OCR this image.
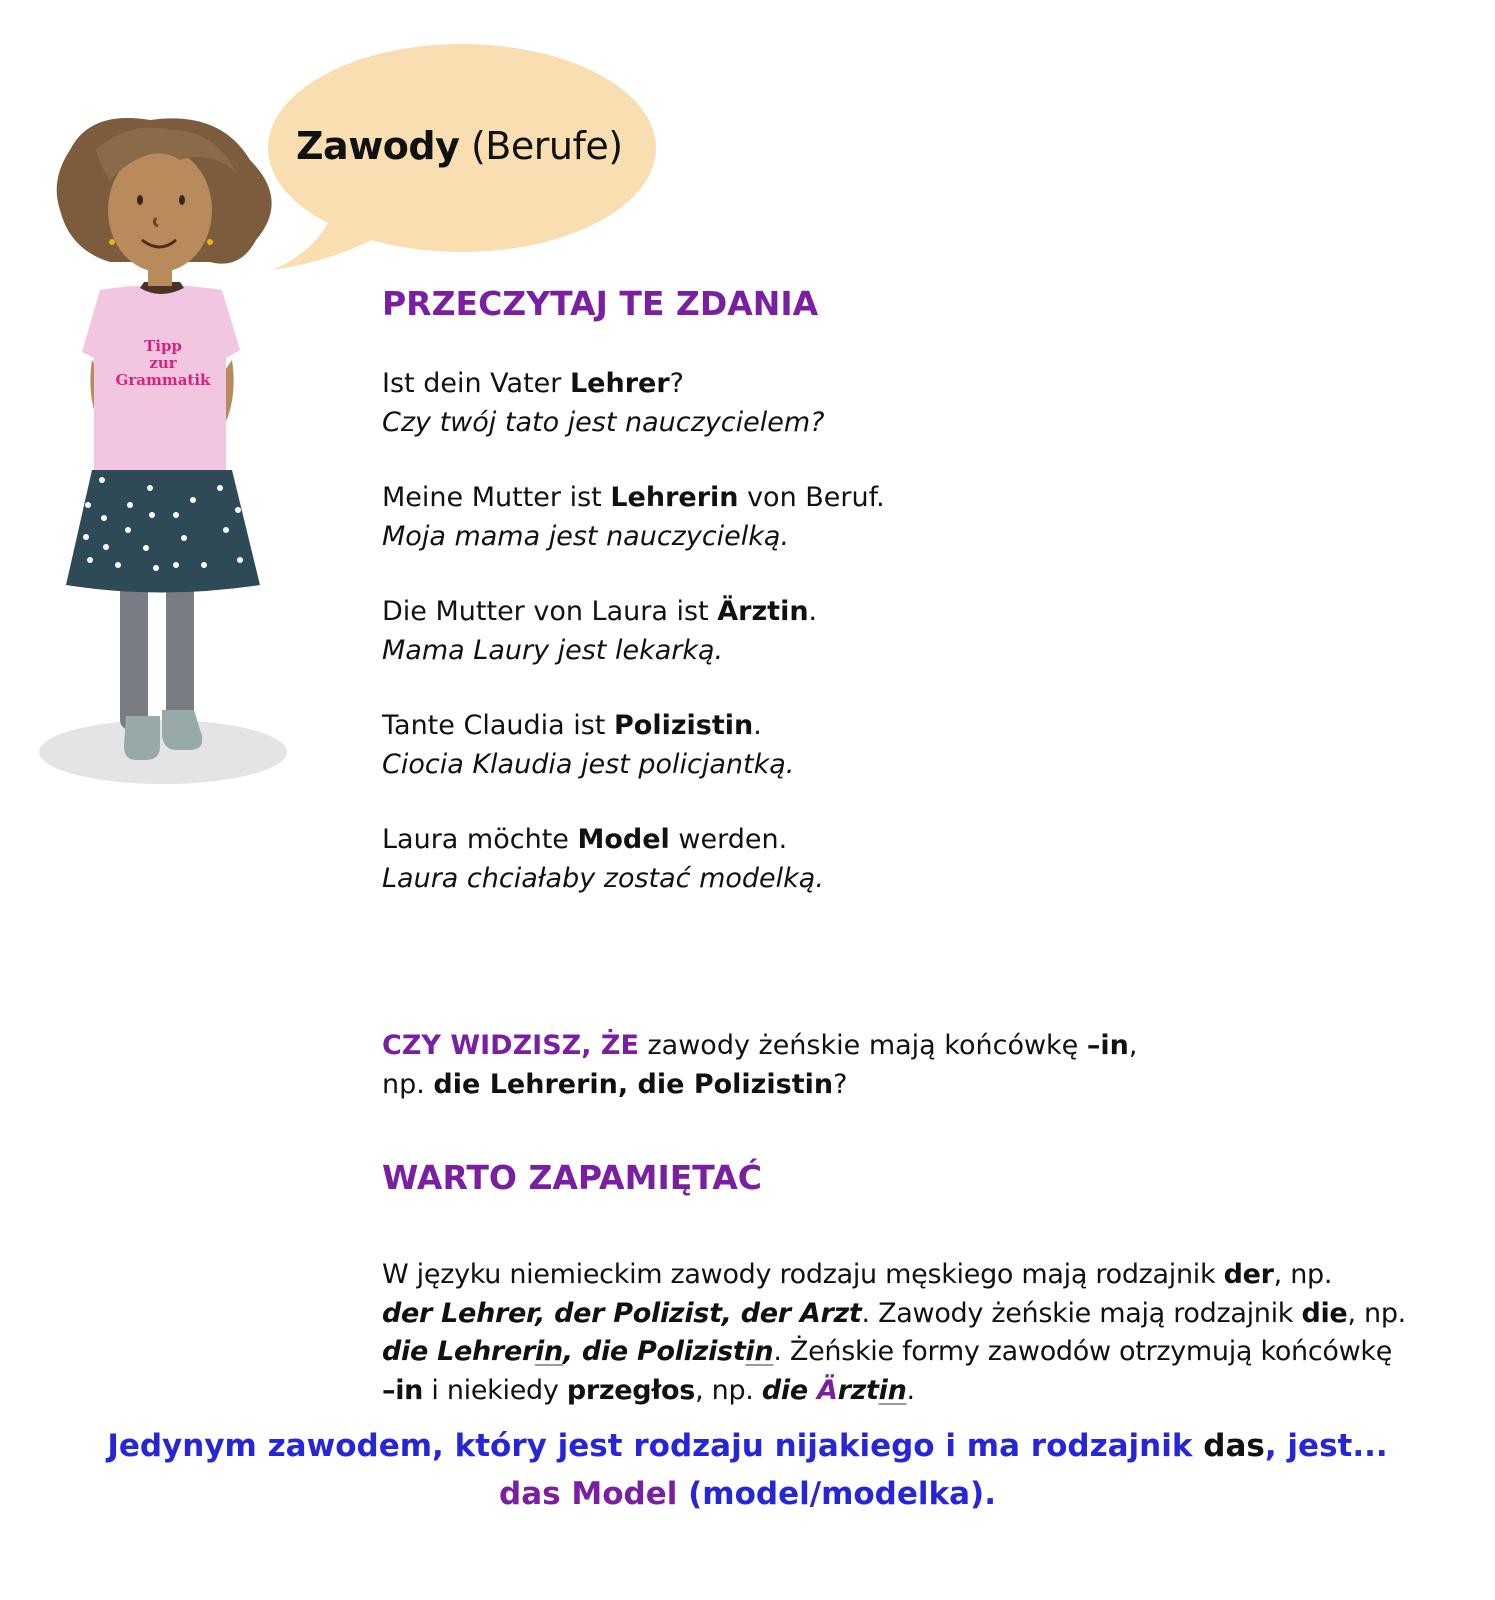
Zawody (Berufe)
Tipp
zur
Grammatik
PRZECZYTAJ TE ZDANIA
Ist dein Vater Lehrer?
Czy twój tato jest nauczycielem?
Meine Mutter ist Lehrerin von Beruf.
Moja mama jest nauczycielką.
Die Mutter von Laura ist Ärztin.
Mama Laury jest lekarką.
Tante Claudia ist Polizistin.
Ciocia Klaudia jest policjantką.
Laura möchte Model werden.
Laura chciałaby zostać modelką.
CZY WIDZISZ, ŻE zawody żeńskie mają końcówkę –in,
np. die Lehrerin, die Polizistin?
WARTO ZAPAMIĘTAĆ
W języku niemieckim zawody rodzaju męskiego mają rodzajnik der, np.
der Lehrer, der Polizist, der Arzt. Zawody żeńskie mają rodzajnik die, np.
die Lehrerin, die Polizistin. Żeńskie formy zawodów otrzymują końcówkę
–in i niekiedy przegłos, np. die Ärztin.
Jedynym zawodem, który jest rodzaju nijakiego i ma rodzajnik das, jest...
das Model (model/modelka).
